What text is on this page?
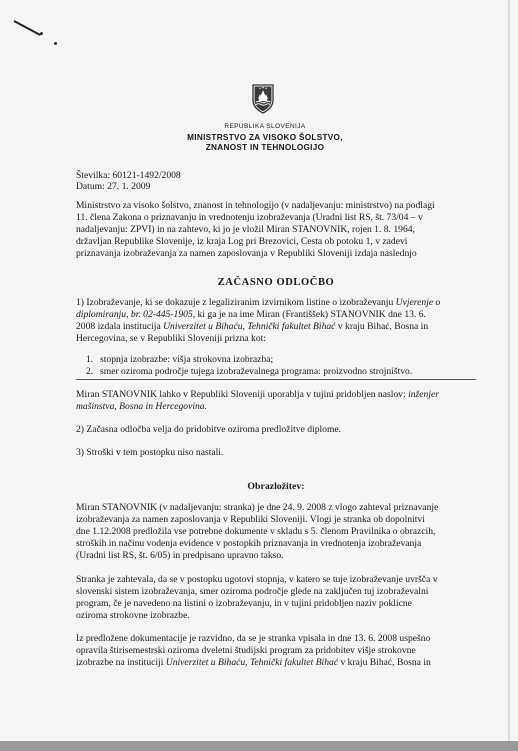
REPUBLIKA SLOVENIJA
MINISTRSTVO ZA VISOKO ŠOLSTVO,
ZNANOST IN TEHNOLOGIJO
Številka: 60121-1492/2008
Datum: 27. 1. 2009
Ministrstvo za visoko šolstvo, znanost in tehnologijo (v nadaljevanju: ministrstvo) na podlagi
11. člena Zakona o priznavanju in vrednotenju izobraževanja (Uradni list RS, št. 73/04 – v
nadaljevanju: ZPVI) in na zahtevo, ki jo je vložil Miran STANOVNIK, rojen 1. 8. 1964,
državljan Republike Slovenije, iz kraja Log pri Brezovici, Cesta ob potoku 1, v zadevi
priznavanja izobraževanja za namen zaposlovanja v Republiki Sloveniji izdaja naslednjo
ZAČASNO ODLOČBO
1) Izobraževanje, ki se dokazuje z legaliziranim izvirnikom listine o izobraževanju Uvjerenje o
diplomiranju, br. 02-445-1905, ki ga je na ime Miran (Františšek) STANOVNIK dne 13. 6.
2008 izdala institucija Univerzitet u Bihaću, Tehnički fakultet Bihać v kraju Bihać, Bosna in
Hercegovina, se v Republiki Sloveniji prizna kot:
1. stopnja izobrazbe: višja strokovna izobrazba;
2. smer oziroma področje tujega izobraževalnega programa: proizvodno strojništvo.
Miran STANOVNIK lahko v Republiki Sloveniji uporablja v tujini pridobljen naslov: inženjer
mašinstva, Bosna in Hercegovina.
2) Začasna odločba velja do pridobitve oziroma predložitve diplome.
3) Stroški v tem postopku niso nastali.
Obrazložitev:
Miran STANOVNIK (v nadaljevanju: stranka) je dne 24. 9. 2008 z vlogo zahteval priznavanje
izobraževanja za namen zaposlovanja v Republiki Sloveniji. Vlogi je stranka ob dopolnitvi
dne 1.12.2008 predložila vse potrebne dokumente v skladu s 5. členom Pravilnika o obrazcih,
stroških in načinu vodenja evidence v postopkih priznavanja in vrednotenja izobraževanja
(Uradni list RS, št. 6/05) in predpisano upravno takso.
Stranka je zahtevala, da se v postopku ugotovi stopnja, v katero se tuje izobraževanje uvršča v
slovenski sistem izobraževanja, smer oziroma področje glede na zaključen tuj izobraževalni
program, če je navedeno na listini o izobraževanju, in v tujini pridobljen naziv poklicne
oziroma strokovne izobrazbe.
Iz predložene dokumentacije je razvidno, da se je stranka vpisala in dne 13. 6. 2008 uspešno
opravila štirisemestrski oziroma dveletni študijski program za pridobitev višje strokovne
izobrazbe na instituciji Univerzitet u Bihaću, Tehnički fakultet Bihać v kraju Bihać, Bosna in
